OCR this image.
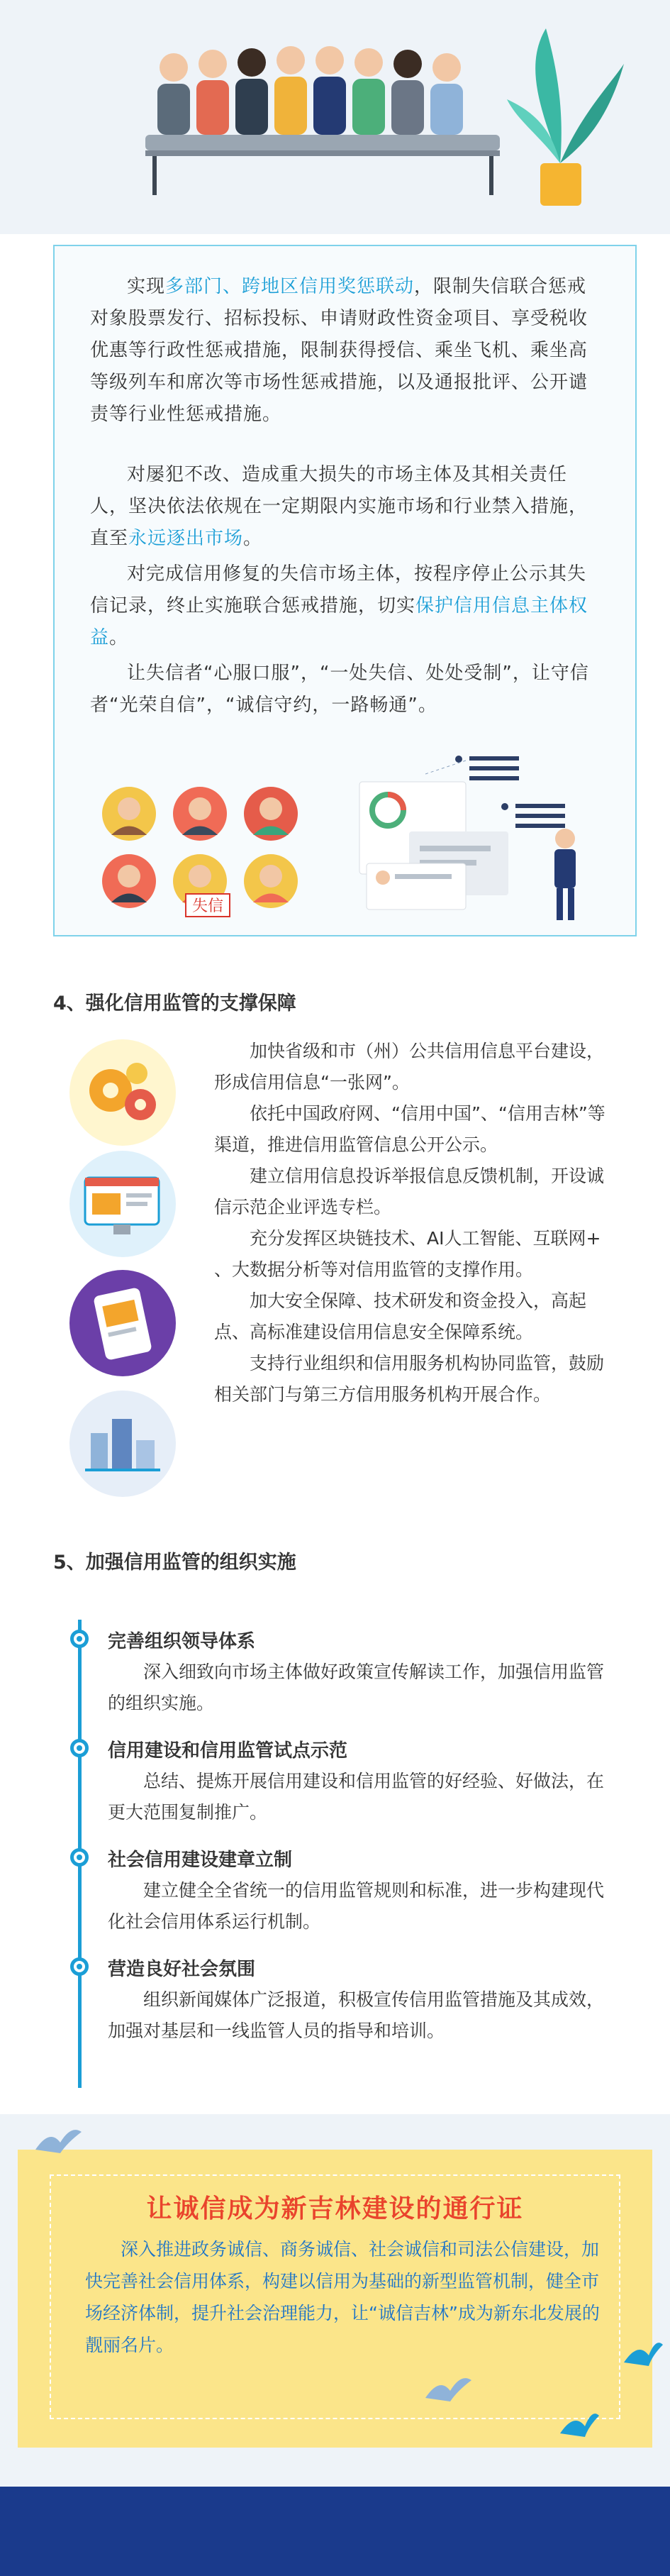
实现多部门、跨地区信用奖惩联动，限制失信联合惩戒对象股票发行、招标投标、申请财政性资金项目、享受税收优惠等行政性惩戒措施，限制获得授信、乘坐飞机、乘坐高等级列车和席次等市场性惩戒措施，以及通报批评、公开谴责等行业性惩戒措施。

对屡犯不改、造成重大损失的市场主体及其相关责任人，坚决依法依规在一定期限内实施市场和行业禁入措施，直至永远逐出市场。

对完成信用修复的失信市场主体，按程序停止公示其失信记录，终止实施联合惩戒措施，切实保护信用信息主体权益。

让失信者“心服口服”，“一处失信、处处受制”，让守信者“光荣自信”，“诚信守约，一路畅通”。

失信
4、强化信用监管的支撑保障

加快省级和市（州）公共信用信息平台建设，形成信用信息“一张网”。

依托中国政府网、“信用中国”、“信用吉林”等渠道，推进信用监管信息公开公示。

建立信用信息投诉举报信息反馈机制，开设诚信示范企业评选专栏。

充分发挥区块链技术、AI人工智能、互联网+ 、大数据分析等对信用监管的支撑作用。

加大安全保障、技术研发和资金投入，高起点、高标准建设信用信息安全保障系统。

支持行业组织和信用服务机构协同监管，鼓励相关部门与第三方信用服务机构开展合作。

5、加强信用监管的组织实施
完善组织领导体系

深入细致向市场主体做好政策宣传解读工作，加强信用监管的组织实施。

信用建设和信用监管试点示范

总结、提炼开展信用建设和信用监管的好经验、好做法，在更大范围复制推广。

社会信用建设建章立制

建立健全全省统一的信用监管规则和标准，进一步构建现代化社会信用体系运行机制。

营造良好社会氛围

组织新闻媒体广泛报道，积极宣传信用监管措施及其成效，加强对基层和一线监管人员的指导和培训。

让诚信成为新吉林建设的通行证

深入推进政务诚信、商务诚信、社会诚信和司法公信建设，加快完善社会信用体系，构建以信用为基础的新型监管机制，健全市场经济体制，提升社会治理能力，让“诚信吉林”成为新东北发展的靓丽名片。
